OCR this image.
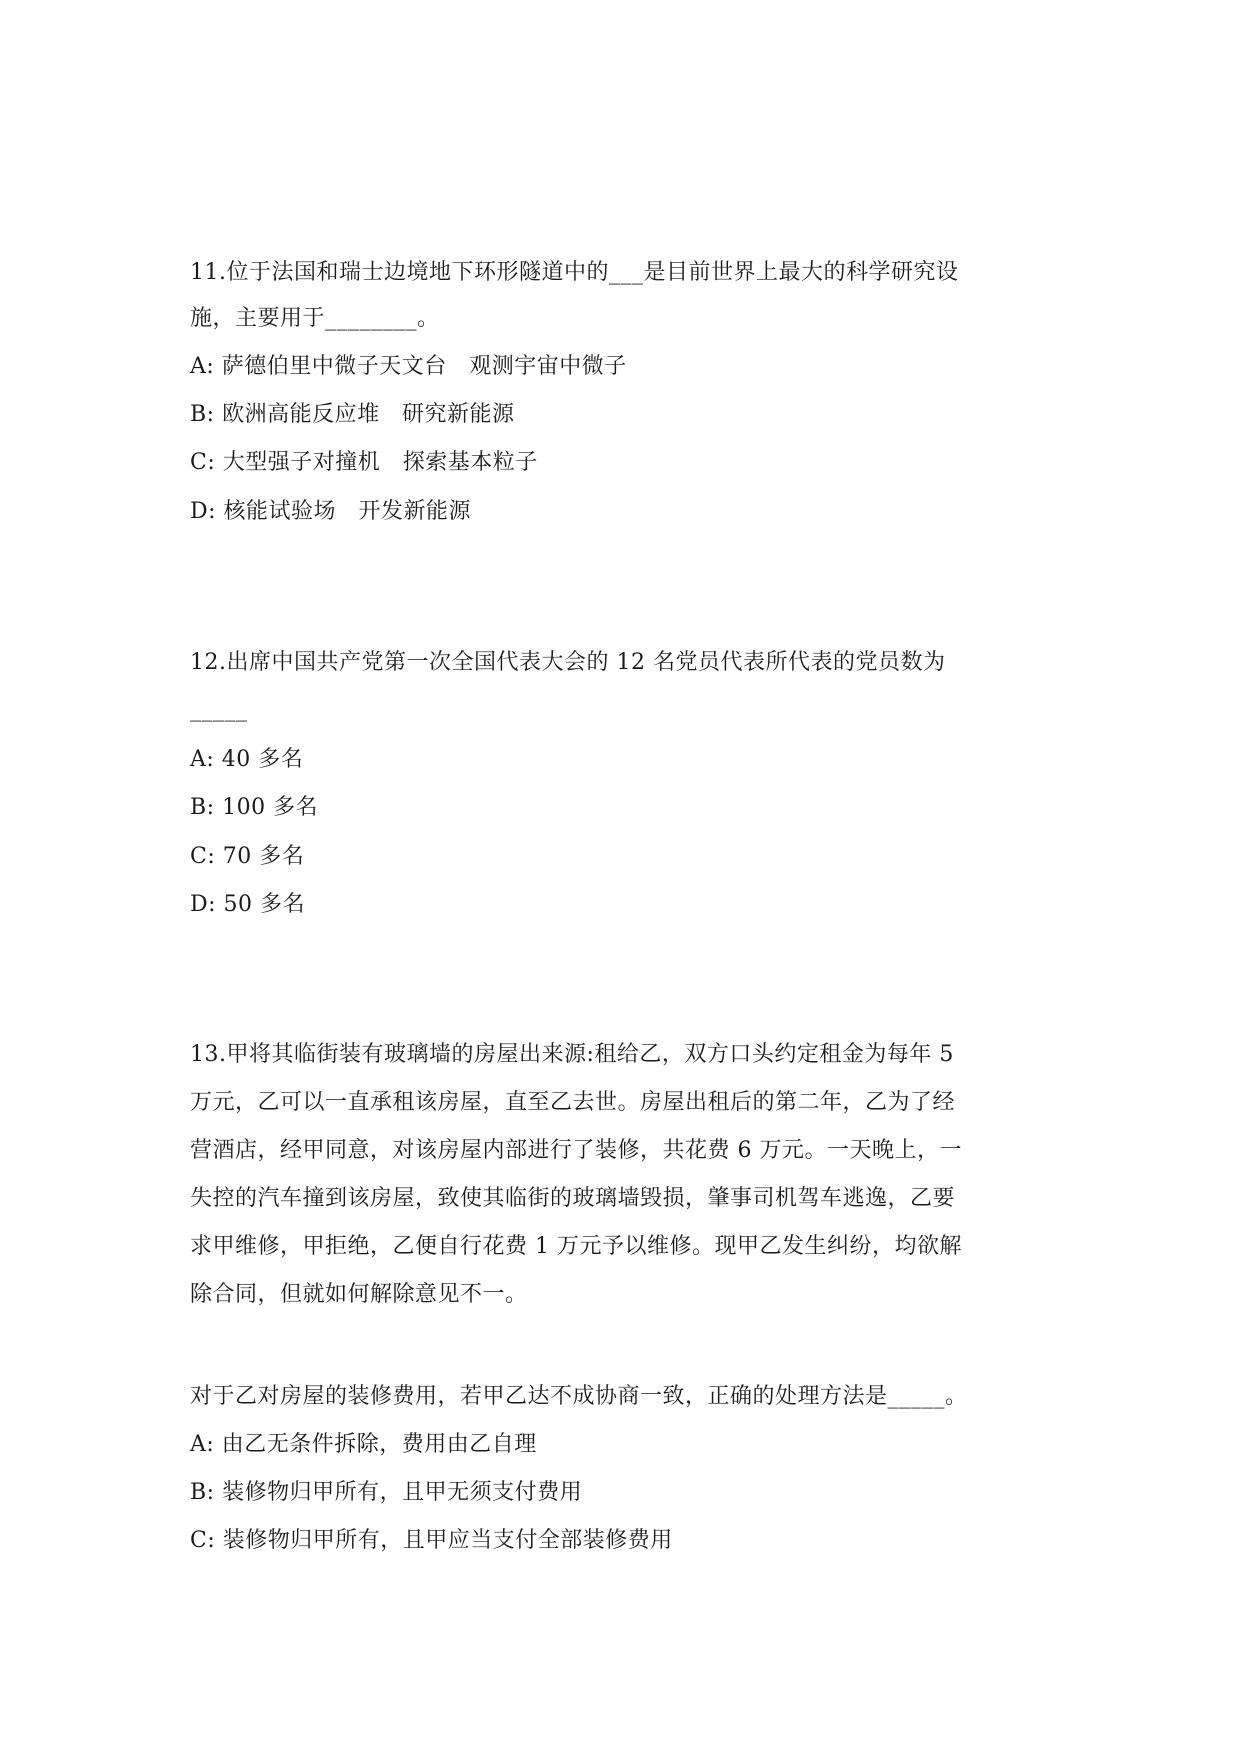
11.位于法国和瑞士边境地下环形隧道中的___是目前世界上最大的科学研究设
施，主要用于________。
A: 萨德伯里中微子天文台   观测宇宙中微子
B: 欧洲高能反应堆   研究新能源
C: 大型强子对撞机   探索基本粒子
D: 核能试验场   开发新能源
12.出席中国共产党第一次全国代表大会的 12 名党员代表所代表的党员数为
_____
A: 40 多名
B: 100 多名
C: 70 多名
D: 50 多名
13.甲将其临街装有玻璃墙的房屋出来源:租给乙，双方口头约定租金为每年 5
万元，乙可以一直承租该房屋，直至乙去世。房屋出租后的第二年，乙为了经
营酒店，经甲同意，对该房屋内部进行了装修，共花费 6 万元。一天晚上，一
失控的汽车撞到该房屋，致使其临街的玻璃墙毁损，肇事司机驾车逃逸，乙要
求甲维修，甲拒绝，乙便自行花费 1 万元予以维修。现甲乙发生纠纷，均欲解
除合同，但就如何解除意见不一。
对于乙对房屋的装修费用，若甲乙达不成协商一致，正确的处理方法是_____。
A: 由乙无条件拆除，费用由乙自理
B: 装修物归甲所有，且甲无须支付费用
C: 装修物归甲所有，且甲应当支付全部装修费用
